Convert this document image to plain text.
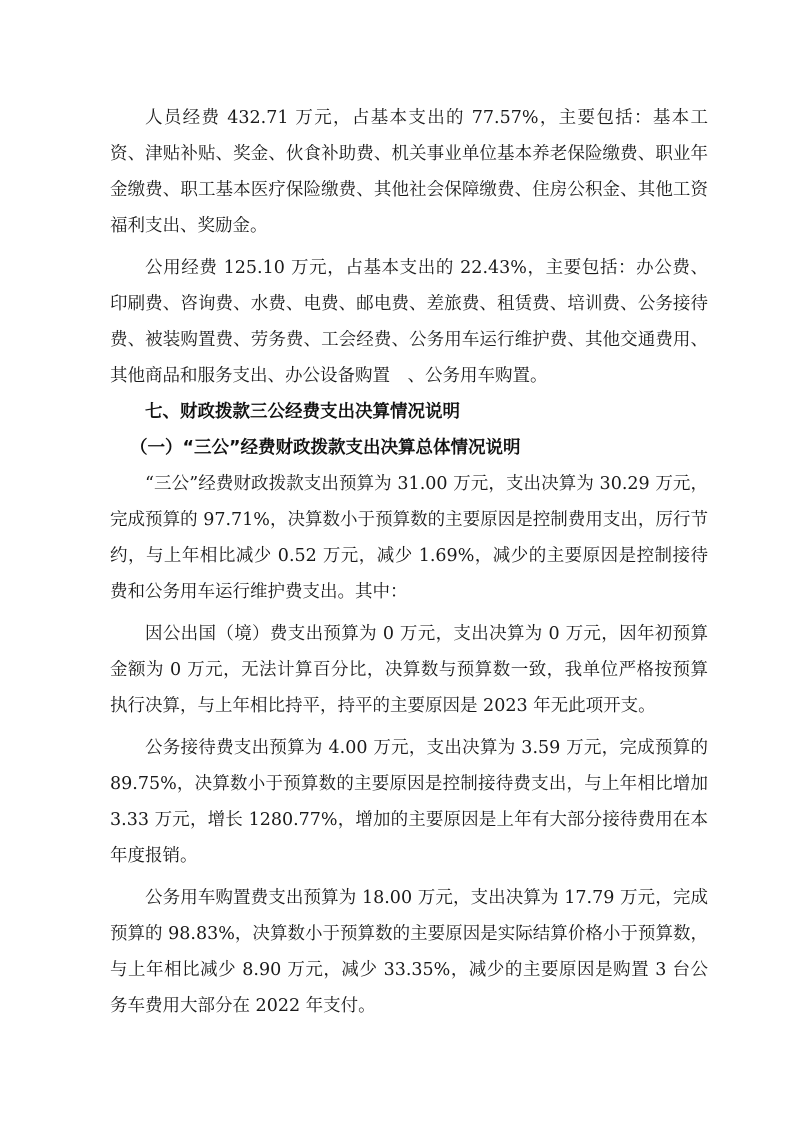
人员经费 432.71 万元，占基本支出的 77.57%，主要包括：基本工资、津贴补贴、奖金、伙食补助费、机关事业单位基本养老保险缴费、职业年金缴费、职工基本医疗保险缴费、其他社会保障缴费、住房公积金、其他工资福利支出、奖励金。

公用经费 125.10 万元，占基本支出的 22.43%，主要包括：办公费、印刷费、咨询费、水费、电费、邮电费、差旅费、租赁费、培训费、公务接待费、被装购置费、劳务费、工会经费、公务用车运行维护费、其他交通费用、其他商品和服务支出、办公设备购置　、公务用车购置。

七、财政拨款三公经费支出决算情况说明

（一）“三公”经费财政拨款支出决算总体情况说明

“三公”经费财政拨款支出预算为 31.00 万元，支出决算为 30.29 万元，完成预算的 97.71%，决算数小于预算数的主要原因是控制费用支出，厉行节约，与上年相比减少 0.52 万元，减少 1.69%，减少的主要原因是控制接待费和公务用车运行维护费支出。其中：

因公出国（境）费支出预算为 0 万元，支出决算为 0 万元，因年初预算金额为 0 万元，无法计算百分比，决算数与预算数一致，我单位严格按预算执行决算，与上年相比持平，持平的主要原因是 2023 年无此项开支。

公务接待费支出预算为 4.00 万元，支出决算为 3.59 万元，完成预算的 89.75%，决算数小于预算数的主要原因是控制接待费支出，与上年相比增加 3.33 万元，增长 1280.77%，增加的主要原因是上年有大部分接待费用在本年度报销。

公务用车购置费支出预算为 18.00 万元，支出决算为 17.79 万元，完成预算的 98.83%，决算数小于预算数的主要原因是实际结算价格小于预算数，与上年相比减少 8.90 万元，减少 33.35%，减少的主要原因是购置 3 台公务车费用大部分在 2022 年支付。
